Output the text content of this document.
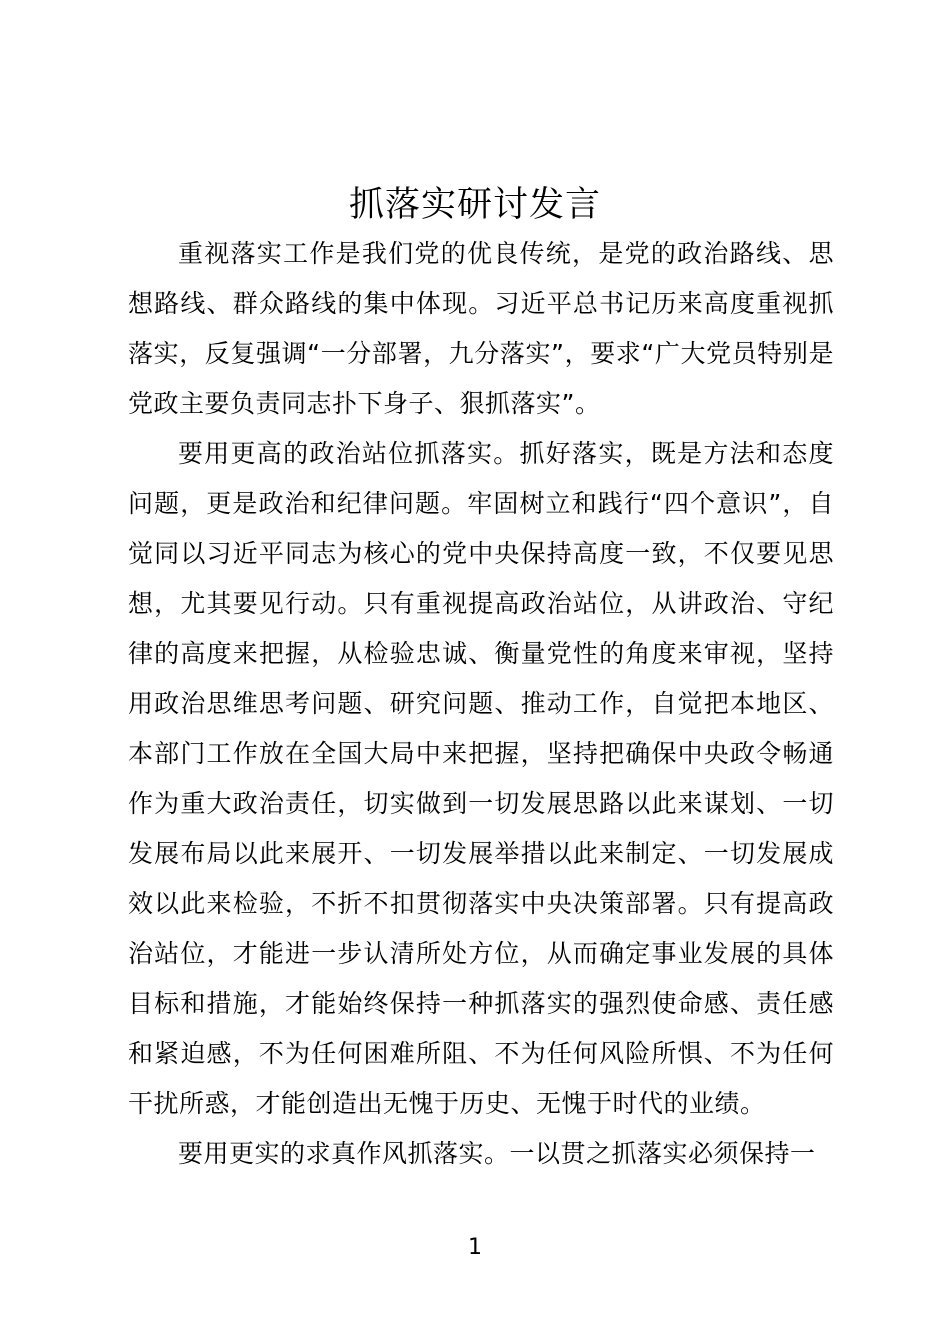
抓落实研讨发言

重视落实工作是我们党的优良传统，是党的政治路线、思想路线、群众路线的集中体现。习近平总书记历来高度重视抓落实，反复强调“一分部署，九分落实”，要求“广大党员特别是党政主要负责同志扑下身子、狠抓落实”。

要用更高的政治站位抓落实。抓好落实，既是方法和态度问题，更是政治和纪律问题。牢固树立和践行“四个意识”，自觉同以习近平同志为核心的党中央保持高度一致，不仅要见思想，尤其要见行动。只有重视提高政治站位，从讲政治、守纪律的高度来把握，从检验忠诚、衡量党性的角度来审视，坚持用政治思维思考问题、研究问题、推动工作，自觉把本地区、本部门工作放在全国大局中来把握，坚持把确保中央政令畅通作为重大政治责任，切实做到一切发展思路以此来谋划、一切发展布局以此来展开、一切发展举措以此来制定、一切发展成效以此来检验，不折不扣贯彻落实中央决策部署。只有提高政治站位，才能进一步认清所处方位，从而确定事业发展的具体目标和措施，才能始终保持一种抓落实的强烈使命感、责任感和紧迫感，不为任何困难所阻、不为任何风险所惧、不为任何干扰所惑，才能创造出无愧于历史、无愧于时代的业绩。

要用更实的求真作风抓落实。一以贯之抓落实必须保持一

1
